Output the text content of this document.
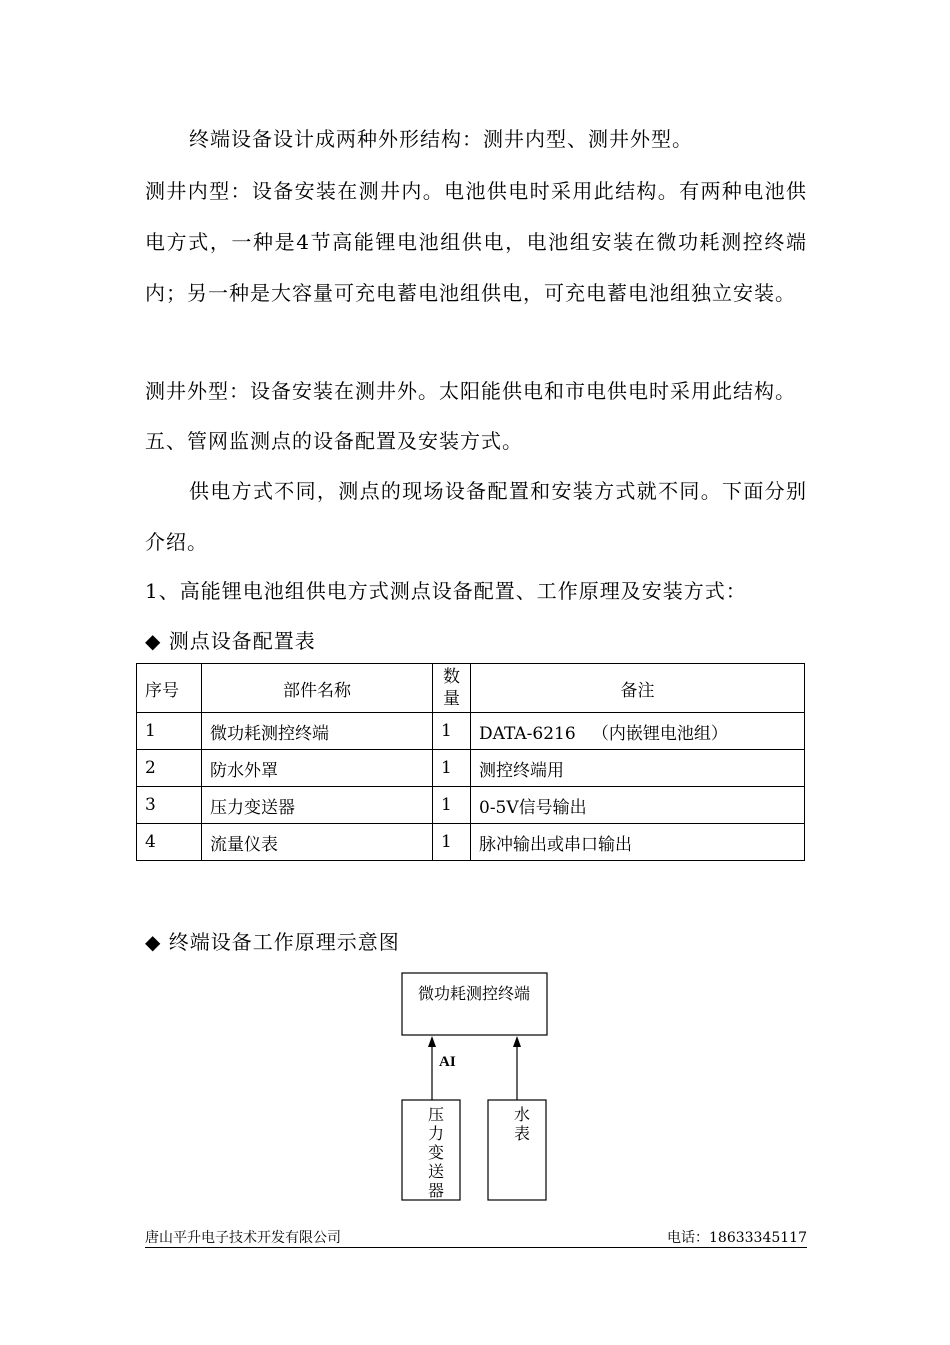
终端设备设计成两种外形结构：测井内型、测井外型。

测井内型：设备安装在测井内。电池供电时采用此结构。有两种电池供电方式，一种是4节高能锂电池组供电，电池组安装在微功耗测控终端内；另一种是大容量可充电蓄电池组供电，可充电蓄电池组独立安装。

测井外型：设备安装在测井外。太阳能供电和市电供电时采用此结构。

五、管网监测点的设备配置及安装方式。

供电方式不同，测点的现场设备配置和安装方式就不同。下面分别介绍。

1、高能锂电池组供电方式测点设备配置、工作原理及安装方式：

◆ 测点设备配置表
序号	部件名称	数量	备注
1	微功耗测控终端	1	DATA-6216   （内嵌锂电池组）
2	防水外罩	1	测控终端用
3	压力变送器	1	0-5V信号输出
4	流量仪表	1	脉冲输出或串口输出
◆ 终端设备工作原理示意图
微功耗测控终端
AI
压 力 变 送 器
水 表
唐山平升电子技术开发有限公司	电话：18633345117
